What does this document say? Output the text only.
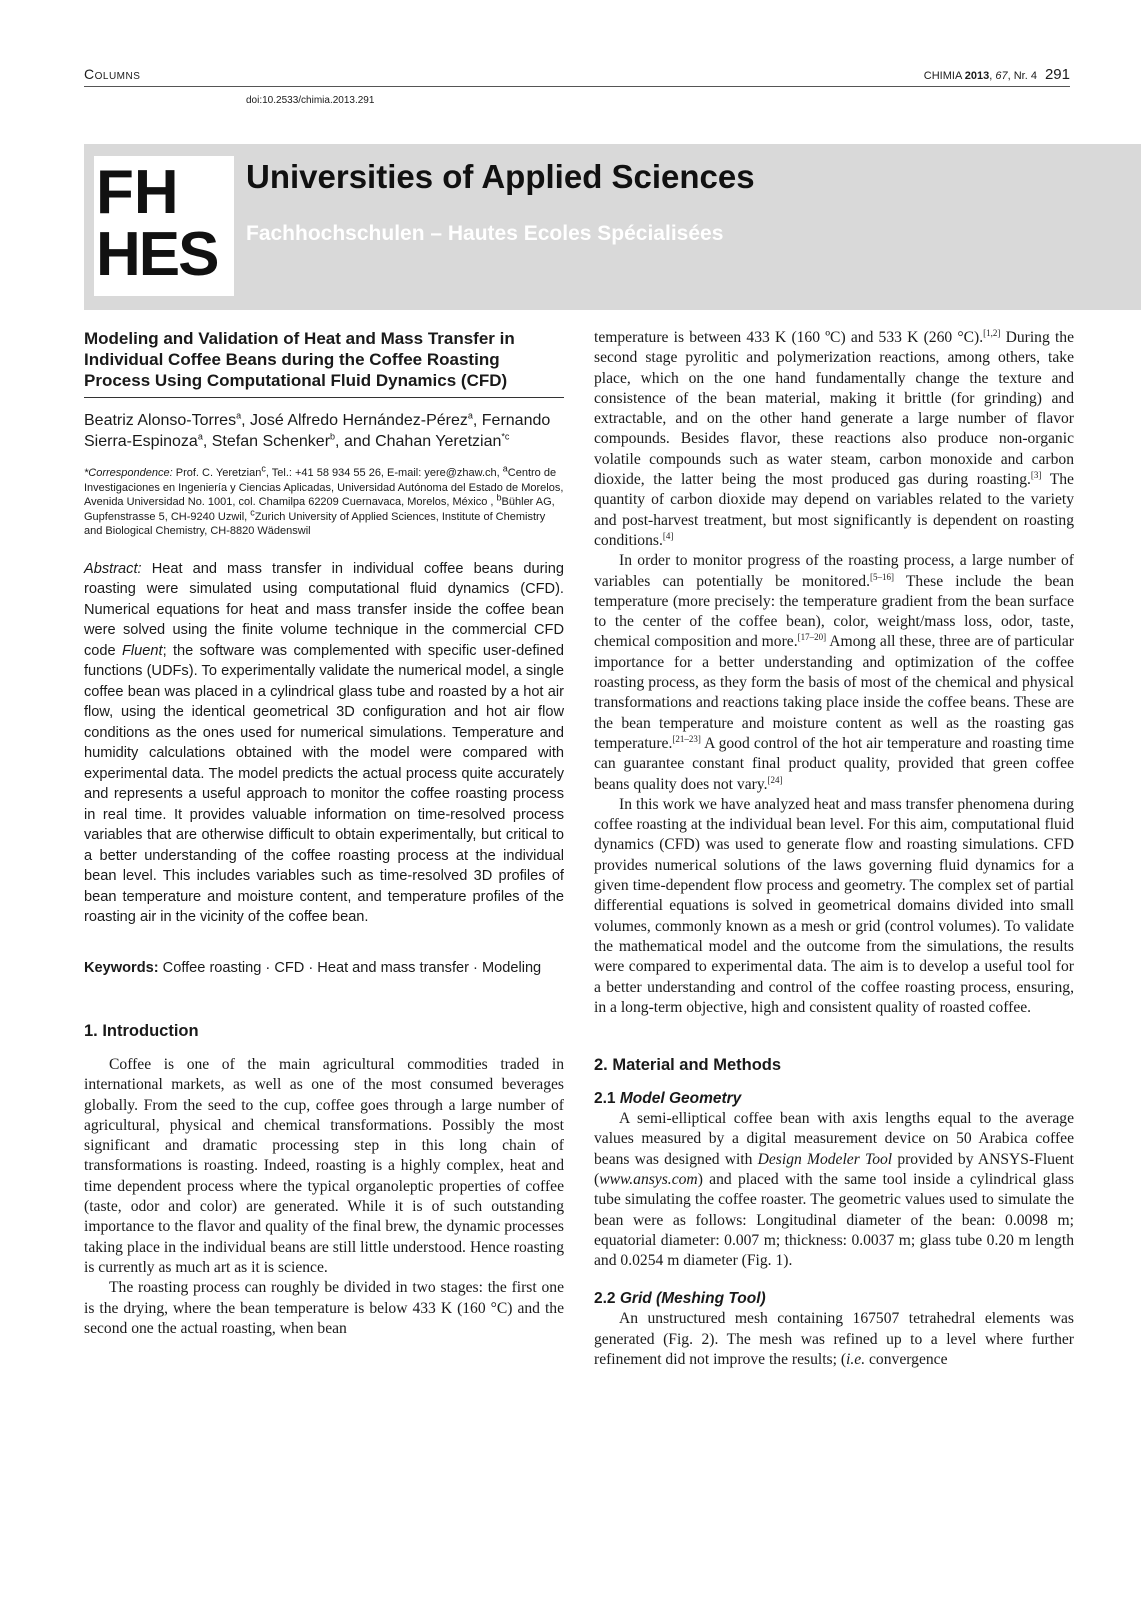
Columns	CHIMIA 2013, 67, Nr. 4 291
doi:10.2533/chimia.2013.291
FH
HES
Universities of Applied Sciences
Fachhochschulen – Hautes Ecoles Spécialisées
Modeling and Validation of Heat and Mass Transfer in Individual Coffee Beans during the Coffee Roasting Process Using Computational Fluid Dynamics (CFD)
Beatriz Alonso-Torres$^a$, José Alfredo Hernández-Pérez$^a$, Fernando Sierra-Espinoza$^a$, Stefan Schenker$^b$, and Chahan Yeretzian$^{*c}$
*Correspondence: Prof. C. Yeretzian$^c$, Tel.: +41 58 934 55 26, E-mail: yere@zhaw.ch, $^a$Centro de Investigaciones en Ingeniería y Ciencias Aplicadas, Universidad Autónoma del Estado de Morelos, Avenida Universidad No. 1001, col. Chamilpa 62209 Cuernavaca, Morelos, México , $^b$Bühler AG, Gupfenstrasse 5, CH-9240 Uzwil, $^c$Zurich University of Applied Sciences, Institute of Chemistry and Biological Chemistry, CH-8820 Wädenswil
Abstract: Heat and mass transfer in individual coffee beans during roasting were simulated using computational fluid dynamics (CFD). Numerical equations for heat and mass transfer inside the coffee bean were solved using the finite volume technique in the commercial CFD code Fluent; the software was complemented with specific user-defined functions (UDFs). To experimentally validate the numerical model, a single coffee bean was placed in a cylindrical glass tube and roasted by a hot air flow, using the identical geometrical 3D configuration and hot air flow conditions as the ones used for numerical simulations. Temperature and humidity calculations obtained with the model were compared with experimental data. The model predicts the actual process quite accurately and represents a useful approach to monitor the coffee roasting process in real time. It provides valuable information on time-resolved process variables that are otherwise difficult to obtain experimentally, but critical to a better understanding of the coffee roasting process at the individual bean level. This includes variables such as time-resolved 3D profiles of bean temperature and moisture content, and temperature profiles of the roasting air in the vicinity of the coffee bean.
Keywords: Coffee roasting · CFD · Heat and mass transfer · Modeling
1. Introduction

Coffee is one of the main agricultural commodities traded in international markets, as well as one of the most consumed beverages globally. From the seed to the cup, coffee goes through a large number of agricultural, physical and chemical transformations. Possibly the most significant and dramatic processing step in this long chain of transformations is roasting. Indeed, roasting is a highly complex, heat and time dependent process where the typical organoleptic properties of coffee (taste, odor and color) are generated. While it is of such outstanding importance to the flavor and quality of the final brew, the dynamic processes taking place in the individual beans are still little understood. Hence roasting is currently as much art as it is science.

The roasting process can roughly be divided in two stages: the first one is the drying, where the bean temperature is below 433 K (160 °C) and the second one the actual roasting, when bean

temperature is between 433 K (160 ºC) and 533 K (260 °C).[1,2] During the second stage pyrolitic and polymerization reactions, among others, take place, which on the one hand fundamentally change the texture and consistence of the bean material, making it brittle (for grinding) and extractable, and on the other hand generate a large number of flavor compounds. Besides flavor, these reactions also produce non-organic volatile compounds such as water steam, carbon monoxide and carbon dioxide, the latter being the most produced gas during roasting.[3] The quantity of carbon dioxide may depend on variables related to the variety and post-harvest treatment, but most significantly is dependent on roasting conditions.[4]

In order to monitor progress of the roasting process, a large number of variables can potentially be monitored.[5–16] These include the bean temperature (more precisely: the temperature gradient from the bean surface to the center of the coffee bean), color, weight/mass loss, odor, taste, chemical composition and more.[17–20] Among all these, three are of particular importance for a better understanding and optimization of the coffee roasting process, as they form the basis of most of the chemical and physical transformations and reactions taking place inside the coffee beans. These are the bean temperature and moisture content as well as the roasting gas temperature.[21–23] A good control of the hot air temperature and roasting time can guarantee constant final product quality, provided that green coffee beans quality does not vary.[24]

In this work we have analyzed heat and mass transfer phenomena during coffee roasting at the individual bean level. For this aim, computational fluid dynamics (CFD) was used to generate flow and roasting simulations. CFD provides numerical solutions of the laws governing fluid dynamics for a given time-dependent flow process and geometry. The complex set of partial differential equations is solved in geometrical domains divided into small volumes, commonly known as a mesh or grid (control volumes). To validate the mathematical model and the outcome from the simulations, the results were compared to experimental data. The aim is to develop a useful tool for a better understanding and control of the coffee roasting process, ensuring, in a long-term objective, high and consistent quality of roasted coffee.

2. Material and Methods
2.1 Model Geometry

A semi-elliptical coffee bean with axis lengths equal to the average values measured by a digital measurement device on 50 Arabica coffee beans was designed with Design Modeler Tool provided by ANSYS-Fluent (www.ansys.com) and placed with the same tool inside a cylindrical glass tube simulating the coffee roaster. The geometric values used to simulate the bean were as follows: Longitudinal diameter of the bean: 0.0098 m; equatorial diameter: 0.007 m; thickness: 0.0037 m; glass tube 0.20 m length and 0.0254 m diameter (Fig. 1).

2.2 Grid (Meshing Tool)

An unstructured mesh containing 167507 tetrahedral elements was generated (Fig. 2). The mesh was refined up to a level where further refinement did not improve the results; (i.e. convergence
